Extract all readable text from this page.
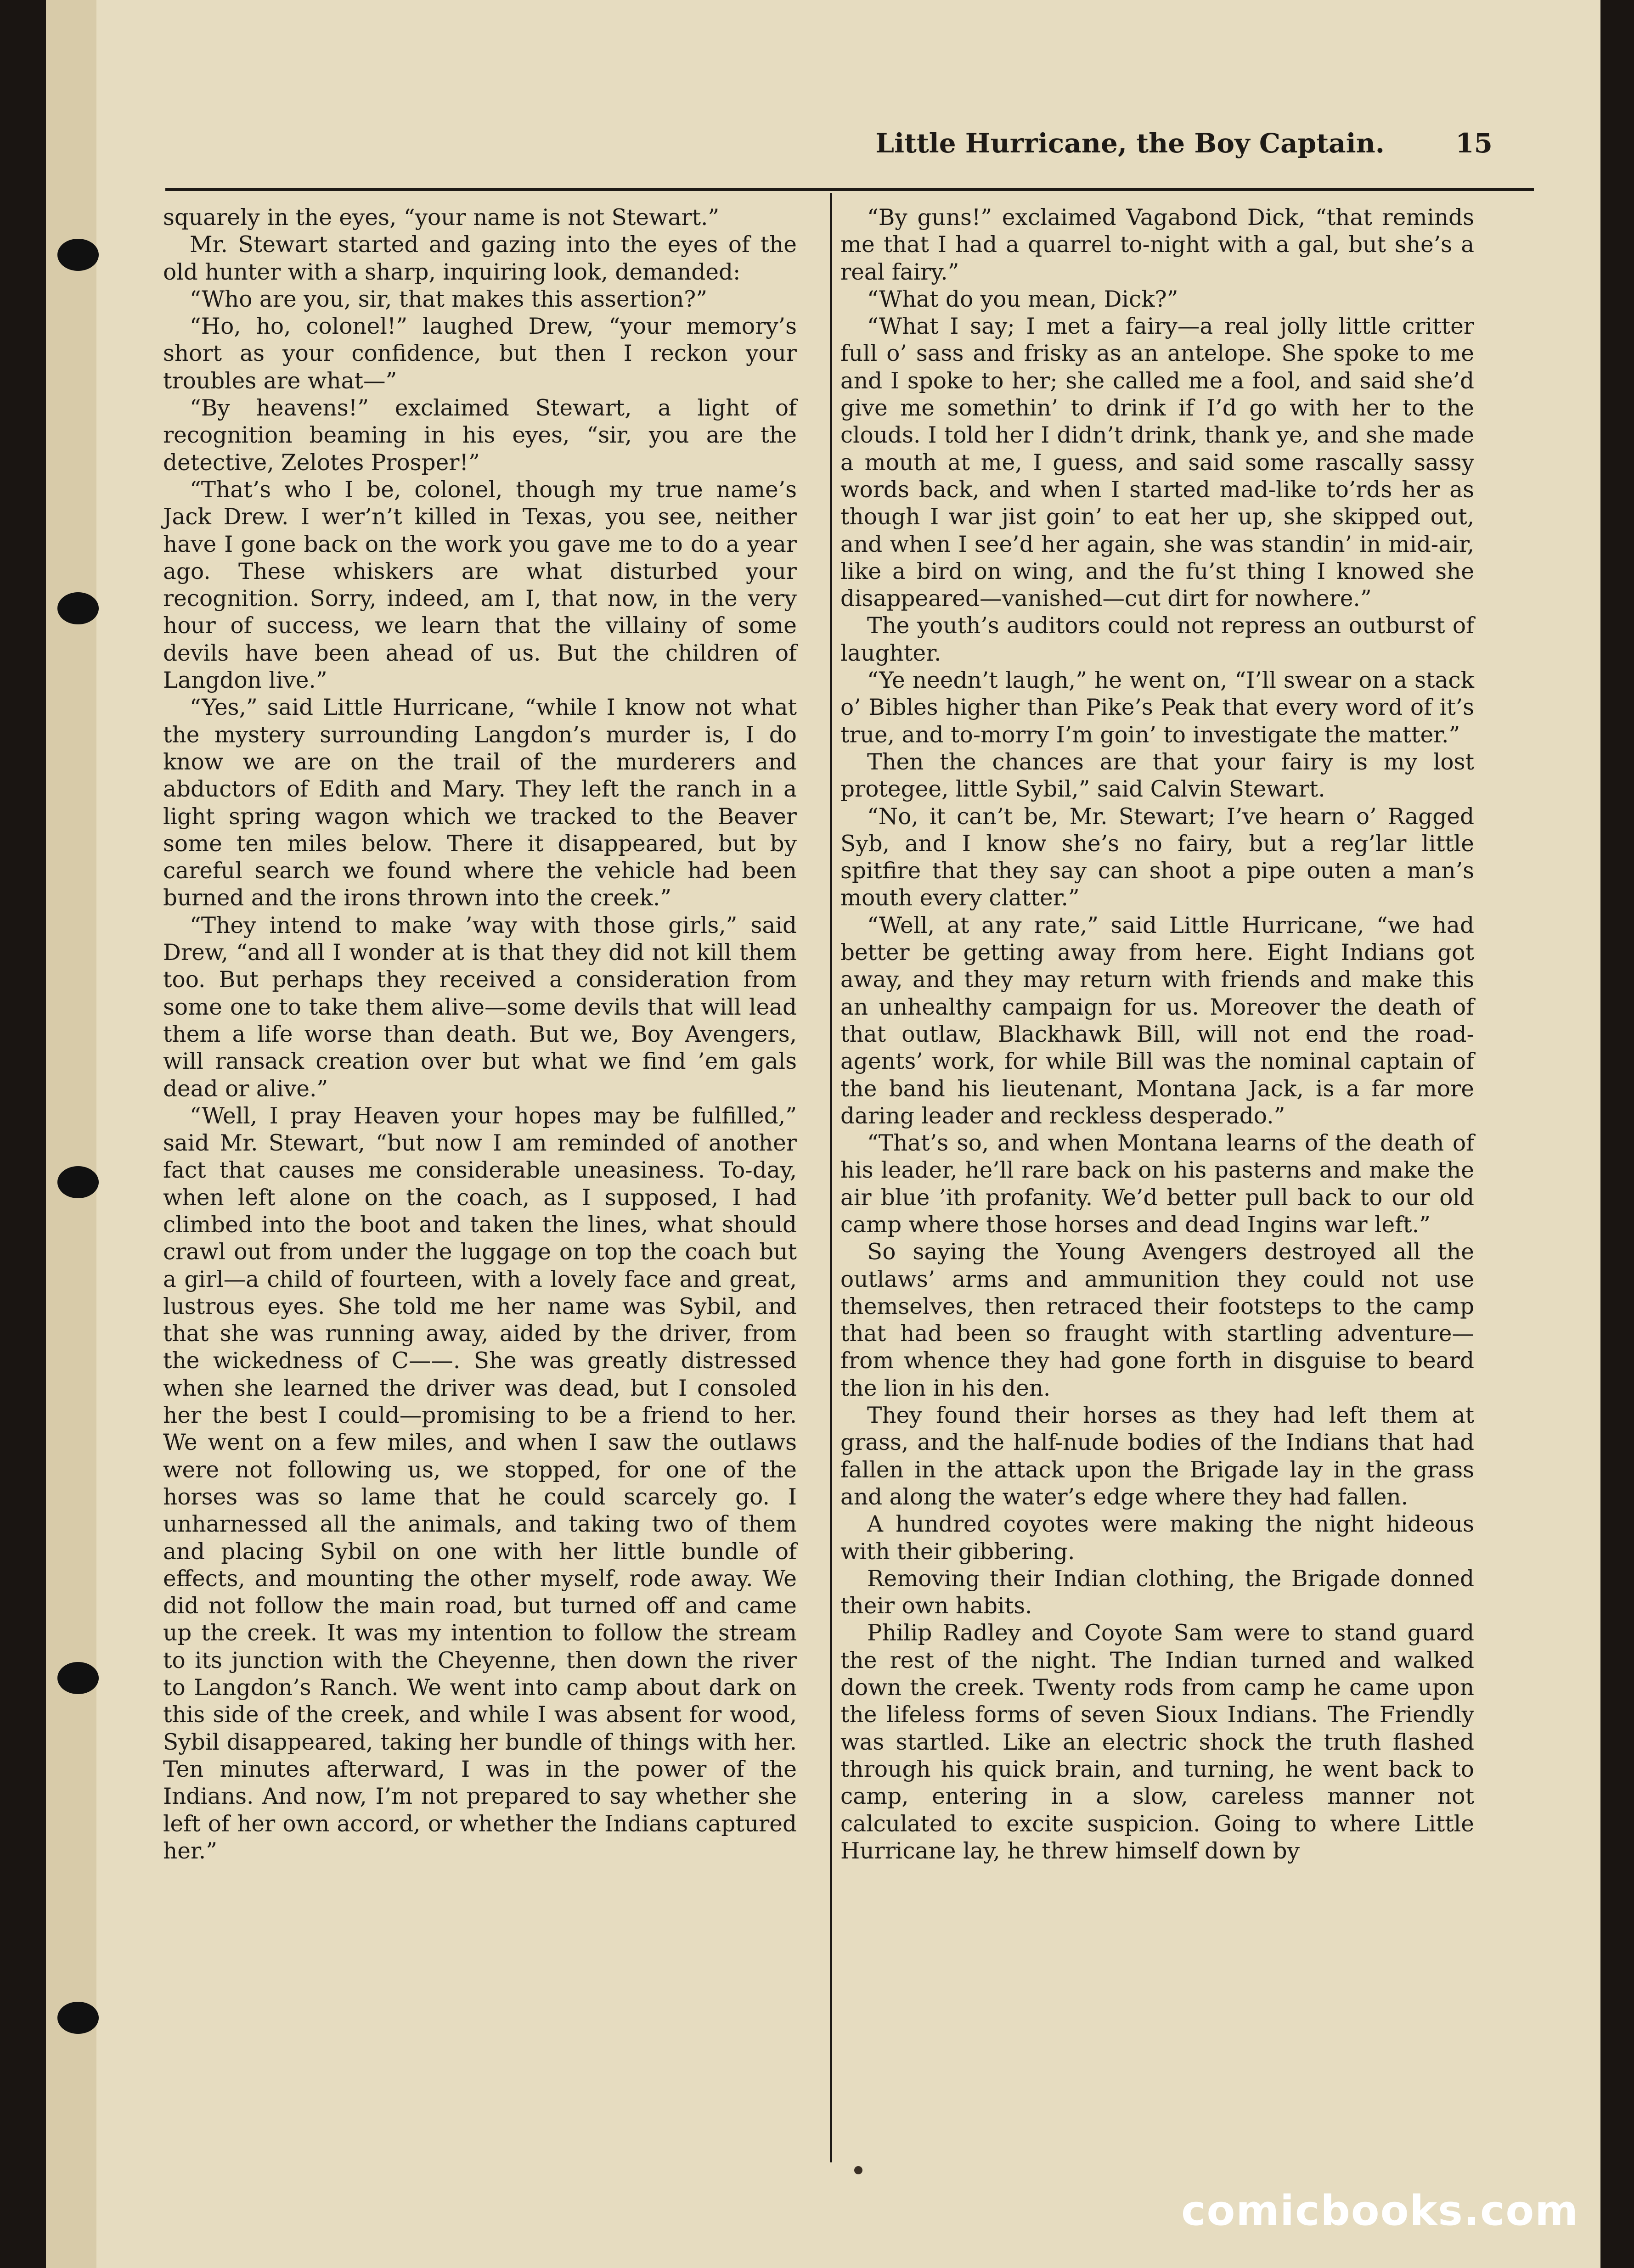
Little Hurricane, the Boy Captain.	15

squarely in the eyes, “your name is not Stewart.”

Mr. Stewart started and gazing into the eyes of the old hunter with a sharp, inquiring look, demanded:

“Who are you, sir, that makes this assertion?”

“Ho, ho, colonel!” laughed Drew, “your memory’s short as your confidence, but then I reckon your troubles are what—”

“By heavens!” exclaimed Stewart, a light of recognition beaming in his eyes, “sir, you are the detective, Zelotes Prosper!”

“That’s who I be, colonel, though my true name’s Jack Drew. I wer’n’t killed in Texas, you see, neither have I gone back on the work you gave me to do a year ago. These whiskers are what disturbed your recognition. Sorry, indeed, am I, that now, in the very hour of success, we learn that the villainy of some devils have been ahead of us. But the children of Langdon live.”

“Yes,” said Little Hurricane, “while I know not what the mystery surrounding Langdon’s murder is, I do know we are on the trail of the murderers and abductors of Edith and Mary. They left the ranch in a light spring wagon which we tracked to the Beaver some ten miles below. There it disappeared, but by careful search we found where the vehicle had been burned and the irons thrown into the creek.”

“They intend to make ’way with those girls,” said Drew, “and all I wonder at is that they did not kill them too. But perhaps they received a consideration from some one to take them alive—some devils that will lead them a life worse than death. But we, Boy Avengers, will ransack creation over but what we find ’em gals dead or alive.”

“Well, I pray Heaven your hopes may be fulfilled,” said Mr. Stewart, “but now I am reminded of another fact that causes me considerable uneasiness. To-day, when left alone on the coach, as I supposed, I had climbed into the boot and taken the lines, what should crawl out from under the luggage on top the coach but a girl—a child of fourteen, with a lovely face and great, lustrous eyes. She told me her name was Sybil, and that she was running away, aided by the driver, from the wickedness of C——. She was greatly distressed when she learned the driver was dead, but I consoled her the best I could—promising to be a friend to her. We went on a few miles, and when I saw the outlaws were not following us, we stopped, for one of the horses was so lame that he could scarcely go. I unharnessed all the animals, and taking two of them and placing Sybil on one with her little bundle of effects, and mounting the other myself, rode away. We did not follow the main road, but turned off and came up the creek. It was my intention to follow the stream to its junction with the Cheyenne, then down the river to Langdon’s Ranch. We went into camp about dark on this side of the creek, and while I was absent for wood, Sybil disappeared, taking her bundle of things with her. Ten minutes afterward, I was in the power of the Indians. And now, I’m not prepared to say whether she left of her own accord, or whether the Indians captured her.”

“By guns!” exclaimed Vagabond Dick, “that reminds me that I had a quarrel to-night with a gal, but she’s a real fairy.”

“What do you mean, Dick?”

“What I say; I met a fairy—a real jolly little critter full o’ sass and frisky as an antelope. She spoke to me and I spoke to her; she called me a fool, and said she’d give me somethin’ to drink if I’d go with her to the clouds. I told her I didn’t drink, thank ye, and she made a mouth at me, I guess, and said some rascally sassy words back, and when I started mad-like to’rds her as though I war jist goin’ to eat her up, she skipped out, and when I see’d her again, she was standin’ in mid-air, like a bird on wing, and the fu’st thing I knowed she disappeared—vanished—cut dirt for nowhere.”

The youth’s auditors could not repress an outburst of laughter.

“Ye needn’t laugh,” he went on, “I’ll swear on a stack o’ Bibles higher than Pike’s Peak that every word of it’s true, and to-morry I’m goin’ to investigate the matter.”

Then the chances are that your fairy is my lost protegee, little Sybil,” said Calvin Stewart.

“No, it can’t be, Mr. Stewart; I’ve hearn o’ Ragged Syb, and I know she’s no fairy, but a reg’lar little spitfire that they say can shoot a pipe outen a man’s mouth every clatter.”

“Well, at any rate,” said Little Hurricane, “we had better be getting away from here. Eight Indians got away, and they may return with friends and make this an unhealthy campaign for us. Moreover the death of that outlaw, Blackhawk Bill, will not end the road-agents’ work, for while Bill was the nominal captain of the band his lieutenant, Montana Jack, is a far more daring leader and reckless desperado.”

“That’s so, and when Montana learns of the death of his leader, he’ll rare back on his pasterns and make the air blue ’ith profanity. We’d better pull back to our old camp where those horses and dead Ingins war left.”

So saying the Young Avengers destroyed all the outlaws’ arms and ammunition they could not use themselves, then retraced their footsteps to the camp that had been so fraught with startling adventure—from whence they had gone forth in disguise to beard the lion in his den.

They found their horses as they had left them at grass, and the half-nude bodies of the Indians that had fallen in the attack upon the Brigade lay in the grass and along the water’s edge where they had fallen.

A hundred coyotes were making the night hideous with their gibbering.

Removing their Indian clothing, the Brigade donned their own habits.

Philip Radley and Coyote Sam were to stand guard the rest of the night. The Indian turned and walked down the creek. Twenty rods from camp he came upon the lifeless forms of seven Sioux Indians. The Friendly was startled. Like an electric shock the truth flashed through his quick brain, and turning, he went back to camp, entering in a slow, careless manner not calculated to excite suspicion. Going to where Little Hurricane lay, he threw himself down by

comicbooks.com
